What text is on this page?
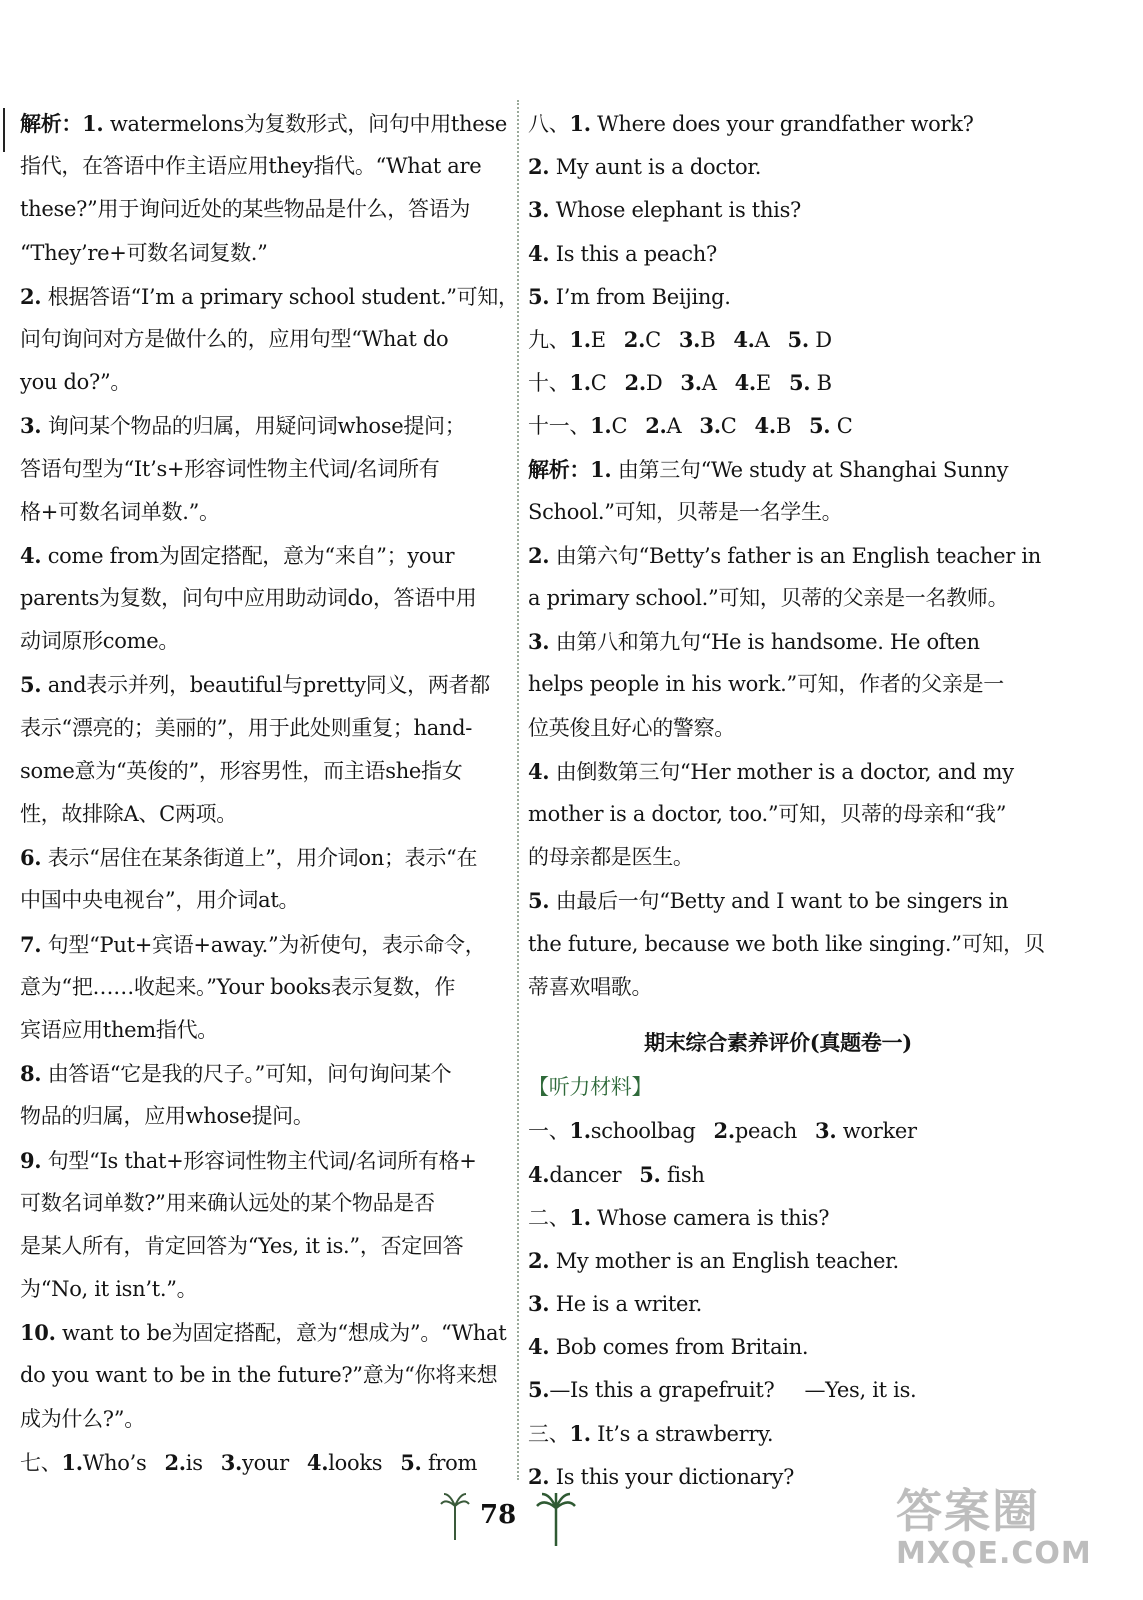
解析：1. watermelons为复数形式，问句中用these
指代，在答语中作主语应用they指代。“What are
these?”用于询问近处的某些物品是什么，答语为
“They’re+可数名词复数.”
2. 根据答语“I’m a primary school student.”可知，
问句询问对方是做什么的，应用句型“What do
you do?”。
3. 询问某个物品的归属，用疑问词whose提问；
答语句型为“It’s+形容词性物主代词/名词所有
格+可数名词单数.”。
4. come from为固定搭配，意为“来自”；your
parents为复数，问句中应用助动词do，答语中用
动词原形come。
5. and表示并列，beautiful与pretty同义，两者都
表示“漂亮的；美丽的”，用于此处则重复；hand-
some意为“英俊的”，形容男性，而主语she指女
性，故排除A、C两项。
6. 表示“居住在某条街道上”，用介词on；表示“在
中国中央电视台”，用介词at。
7. 句型“Put+宾语+away.”为祈使句，表示命令，
意为“把……收起来。”Your books表示复数，作
宾语应用them指代。
8. 由答语“它是我的尺子。”可知，问句询问某个
物品的归属，应用whose提问。
9. 句型“Is that+形容词性物主代词/名词所有格+
可数名词单数?”用来确认远处的某个物品是否
是某人所有，肯定回答为“Yes, it is.”，否定回答
为“No, it isn’t.”。
10. want to be为固定搭配，意为“想成为”。“What
do you want to be in the future?”意为“你将来想
成为什么?”。
七、1.Who’s 2.is 3.your 4.looks 5. from
八、1. Where does your grandfather work?
2. My aunt is a doctor.
3. Whose elephant is this?
4. Is this a peach?
5. I’m from Beijing.
九、1.E 2.C 3.B 4.A 5. D
十、1.C 2.D 3.A 4.E 5. B
十一、1.C 2.A 3.C 4.B 5. C
解析：1. 由第三句“We study at Shanghai Sunny
School.”可知，贝蒂是一名学生。
2. 由第六句“Betty’s father is an English teacher in
a primary school.”可知，贝蒂的父亲是一名教师。
3. 由第八和第九句“He is handsome. He often
helps people in his work.”可知，作者的父亲是一
位英俊且好心的警察。
4. 由倒数第三句“Her mother is a doctor, and my
mother is a doctor, too.”可知，贝蒂的母亲和“我”
的母亲都是医生。
5. 由最后一句“Betty and I want to be singers in
the future, because we both like singing.”可知，贝
蒂喜欢唱歌。
期末综合素养评价(真题卷一)
【听力材料】
一、1.schoolbag 2.peach 3. worker
4.dancer 5. fish
二、1. Whose camera is this?
2. My mother is an English teacher.
3. He is a writer.
4. Bob comes from Britain.
5.—Is this a grapefruit? —Yes, it is.
三、1. It’s a strawberry.
2. Is this your dictionary?
78	答案圈
MXQE.COM
